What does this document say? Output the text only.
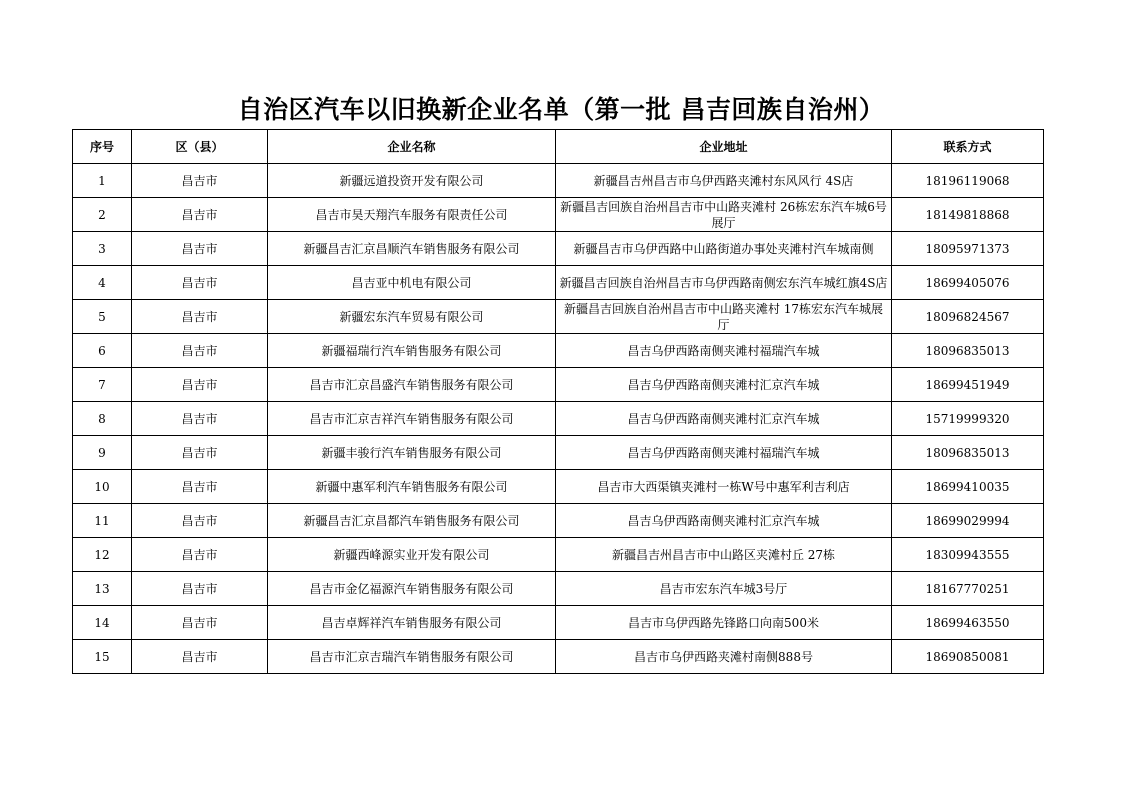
自治区汽车以旧换新企业名单（第一批 昌吉回族自治州）
序号	区（县）	企业名称	企业地址	联系方式
1	昌吉市	新疆远道投资开发有限公司	新疆昌吉州昌吉市乌伊西路夹滩村东风风行 4S店	18196119068
2	昌吉市	昌吉市昊天翔汽车服务有限责任公司	新疆昌吉回族自治州昌吉市中山路夹滩村 26栋宏东汽车城6号展厅	18149818868
3	昌吉市	新疆昌吉汇京昌顺汽车销售服务有限公司	新疆昌吉市乌伊西路中山路街道办事处夹滩村汽车城南侧	18095971373
4	昌吉市	昌吉亚中机电有限公司	新疆昌吉回族自治州昌吉市乌伊西路南侧宏东汽车城红旗4S店	18699405076
5	昌吉市	新疆宏东汽车贸易有限公司	新疆昌吉回族自治州昌吉市中山路夹滩村 17栋宏东汽车城展厅	18096824567
6	昌吉市	新疆福瑞行汽车销售服务有限公司	昌吉乌伊西路南侧夹滩村福瑞汽车城	18096835013
7	昌吉市	昌吉市汇京昌盛汽车销售服务有限公司	昌吉乌伊西路南侧夹滩村汇京汽车城	18699451949
8	昌吉市	昌吉市汇京吉祥汽车销售服务有限公司	昌吉乌伊西路南侧夹滩村汇京汽车城	15719999320
9	昌吉市	新疆丰骏行汽车销售服务有限公司	昌吉乌伊西路南侧夹滩村福瑞汽车城	18096835013
10	昌吉市	新疆中惠军利汽车销售服务有限公司	昌吉市大西渠镇夹滩村一栋W号中惠军利吉利店	18699410035
11	昌吉市	新疆昌吉汇京昌都汽车销售服务有限公司	昌吉乌伊西路南侧夹滩村汇京汽车城	18699029994
12	昌吉市	新疆西峰源实业开发有限公司	新疆昌吉州昌吉市中山路区夹滩村丘 27栋	18309943555
13	昌吉市	昌吉市金亿福源汽车销售服务有限公司	昌吉市宏东汽车城3号厅	18167770251
14	昌吉市	昌吉卓辉祥汽车销售服务有限公司	昌吉市乌伊西路先锋路口向南500米	18699463550
15	昌吉市	昌吉市汇京吉瑞汽车销售服务有限公司	昌吉市乌伊西路夹滩村南侧888号	18690850081
